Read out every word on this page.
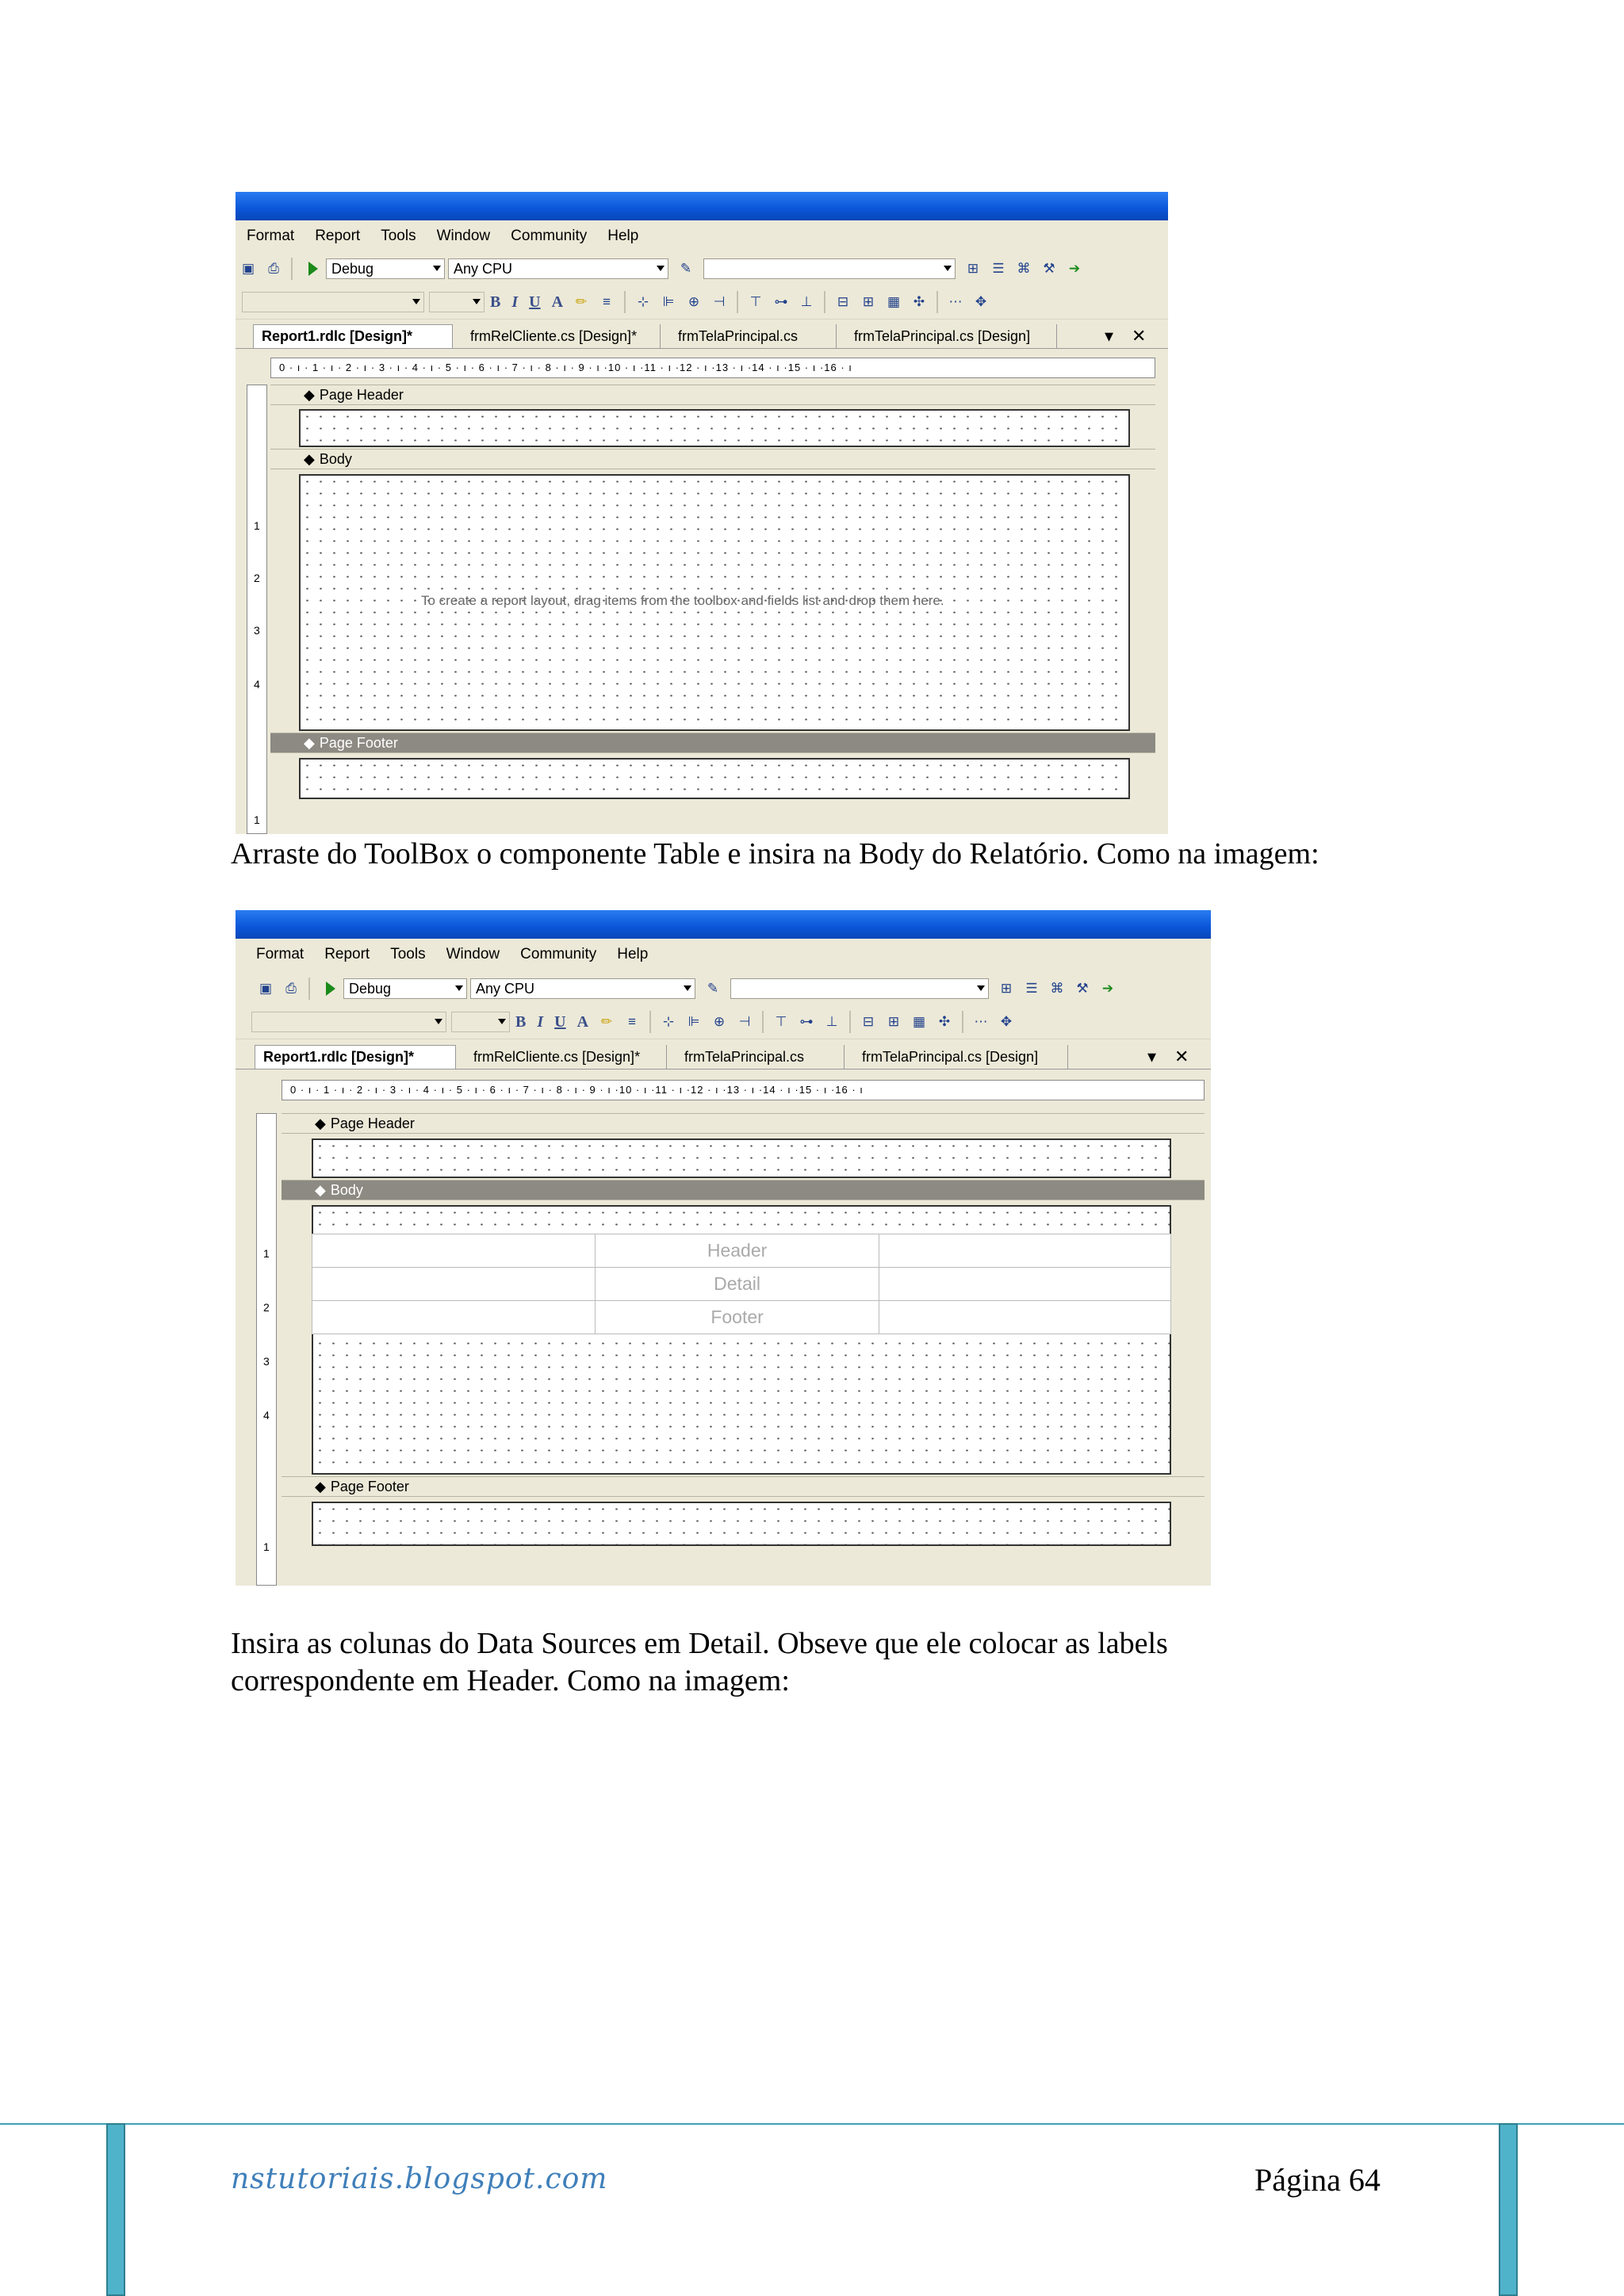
Format Report Tools Window Community Help
▣	⎙	Debug	Any CPU	✎	⊞ ☰ ⌘ ⚒ ➔
B I U A ✏	≡	⊹ ⊫ ⊕ ⊣ ⊤ ⊶ ⊥ ⊟ ⊞ ▦ ✣ ⋯ ✥
Report1.rdlc [Design]*	frmRelCliente.cs [Design]*	frmTelaPrincipal.cs	frmTelaPrincipal.cs [Design]	▾ ✕
0 · ı · 1 · ı · 2 · ı · 3 · ı · 4 · ı · 5 · ı · 6 · ı · 7 · ı · 8 · ı · 9 · ı ·10 · ı ·11 · ı ·12 · ı ·13 · ı ·14 · ı ·15 · ı ·16 · ı
1
2
3
4
1
◆ Page Header
◆ Body
To create a report layout, drag items from the toolbox and fields list and drop them here.
◆ Page Footer

Arraste do ToolBox o componente Table e insira na Body do Relatório. Como na imagem:

Format Report Tools Window Community Help
▣	⎙	Debug	Any CPU	✎	⊞ ☰ ⌘ ⚒ ➔
B I U A ✏	≡	⊹ ⊫ ⊕ ⊣ ⊤ ⊶ ⊥ ⊟ ⊞ ▦ ✣ ⋯ ✥
Report1.rdlc [Design]*	frmRelCliente.cs [Design]*	frmTelaPrincipal.cs	frmTelaPrincipal.cs [Design]	▾ ✕
0 · ı · 1 · ı · 2 · ı · 3 · ı · 4 · ı · 5 · ı · 6 · ı · 7 · ı · 8 · ı · 9 · ı ·10 · ı ·11 · ı ·12 · ı ·13 · ı ·14 · ı ·15 · ı ·16 · ı
1
2
3
4
1
◆ Page Header
◆ Body
	Header	
	Detail	
	Footer	
◆ Page Footer

Insira as colunas do Data Sources em Detail. Obseve que ele colocar as labels correspondente em Header. Como na imagem:

nstutoriais.blogspot.com	Página 64
